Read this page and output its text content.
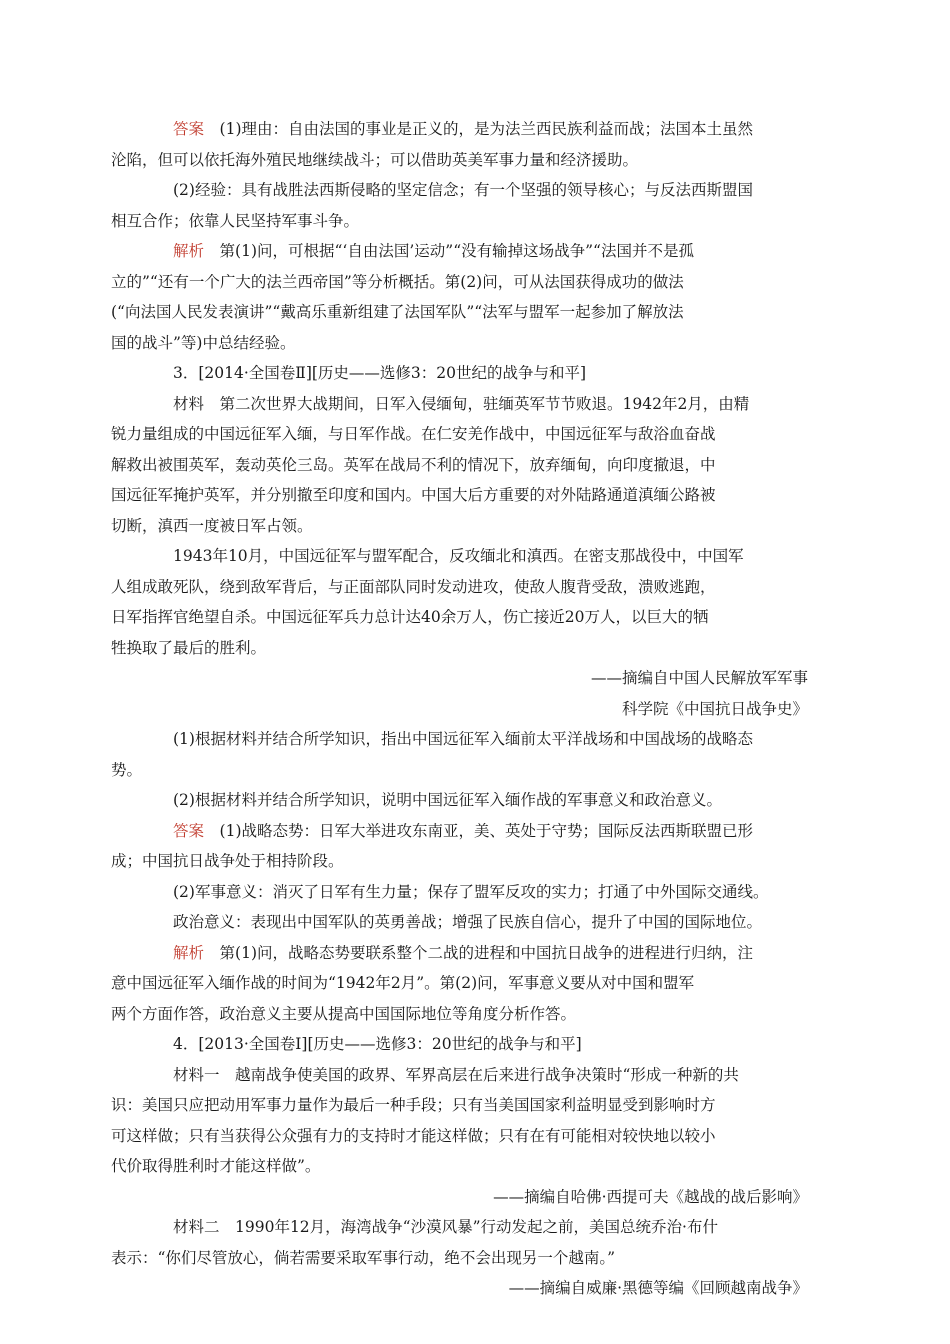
答案　 (1)理由：自由法国的事业是正义的，是为法兰西民族利益而战；法国本土虽然
沦陷，但可以依托海外殖民地继续战斗；可以借助英美军事力量和经济援助。

(2)经验：具有战胜法西斯侵略的坚定信念；有一个坚强的领导核心；与反法西斯盟国
相互合作；依靠人民坚持军事斗争。

解析　 第(1)问，可根据“‘自由法国’运动”“没有输掉这场战争”“法国并不是孤
立的”“还有一个广大的法兰西帝国”等分析概括。第(2)问，可从法国获得成功的做法
(“向法国人民发表演讲”“戴高乐重新组建了法国军队”“法军与盟军一起参加了解放法
国的战斗”等)中总结经验。

3．[2014·全国卷Ⅱ][历史——选修3：20世纪的战争与和平]

材料　第二次世界大战期间，日军入侵缅甸，驻缅英军节节败退。1942年2月，由精
锐力量组成的中国远征军入缅，与日军作战。在仁安羌作战中，中国远征军与敌浴血奋战
解救出被围英军，轰动英伦三岛。英军在战局不利的情况下，放弃缅甸，向印度撤退，中
国远征军掩护英军，并分别撤至印度和国内。中国大后方重要的对外陆路通道滇缅公路被
切断，滇西一度被日军占领。

1943年10月，中国远征军与盟军配合，反攻缅北和滇西。在密支那战役中，中国军
人组成敢死队，绕到敌军背后，与正面部队同时发动进攻，使敌人腹背受敌，溃败逃跑，
日军指挥官绝望自杀。中国远征军兵力总计达40余万人，伤亡接近20万人，以巨大的牺
牲换取了最后的胜利。

——摘编自中国人民解放军军事

科学院《中国抗日战争史》

(1)根据材料并结合所学知识，指出中国远征军入缅前太平洋战场和中国战场的战略态
势。

(2)根据材料并结合所学知识，说明中国远征军入缅作战的军事意义和政治意义。

答案　 (1)战略态势：日军大举进攻东南亚，美、英处于守势；国际反法西斯联盟已形
成；中国抗日战争处于相持阶段。

(2)军事意义：消灭了日军有生力量；保存了盟军反攻的实力；打通了中外国际交通线。

政治意义：表现出中国军队的英勇善战；增强了民族自信心，提升了中国的国际地位。

解析　 第(1)问，战略态势要联系整个二战的进程和中国抗日战争的进程进行归纳，注
意中国远征军入缅作战的时间为“1942年2月”。第(2)问，军事意义要从对中国和盟军
两个方面作答，政治意义主要从提高中国国际地位等角度分析作答。

4．[2013·全国卷Ⅰ][历史——选修3：20世纪的战争与和平]

材料一　越南战争使美国的政界、军界高层在后来进行战争决策时“形成一种新的共
识：美国只应把动用军事力量作为最后一种手段；只有当美国国家利益明显受到影响时方
可这样做；只有当获得公众强有力的支持时才能这样做；只有在有可能相对较快地以较小
代价取得胜利时才能这样做”。

——摘编自哈佛·西提可夫《越战的战后影响》

材料二　1990年12月，海湾战争“沙漠风暴”行动发起之前，美国总统乔治·布什
表示：“你们尽管放心，倘若需要采取军事行动，绝不会出现另一个越南。”

——摘编自威廉·黑德等编《回顾越南战争》
